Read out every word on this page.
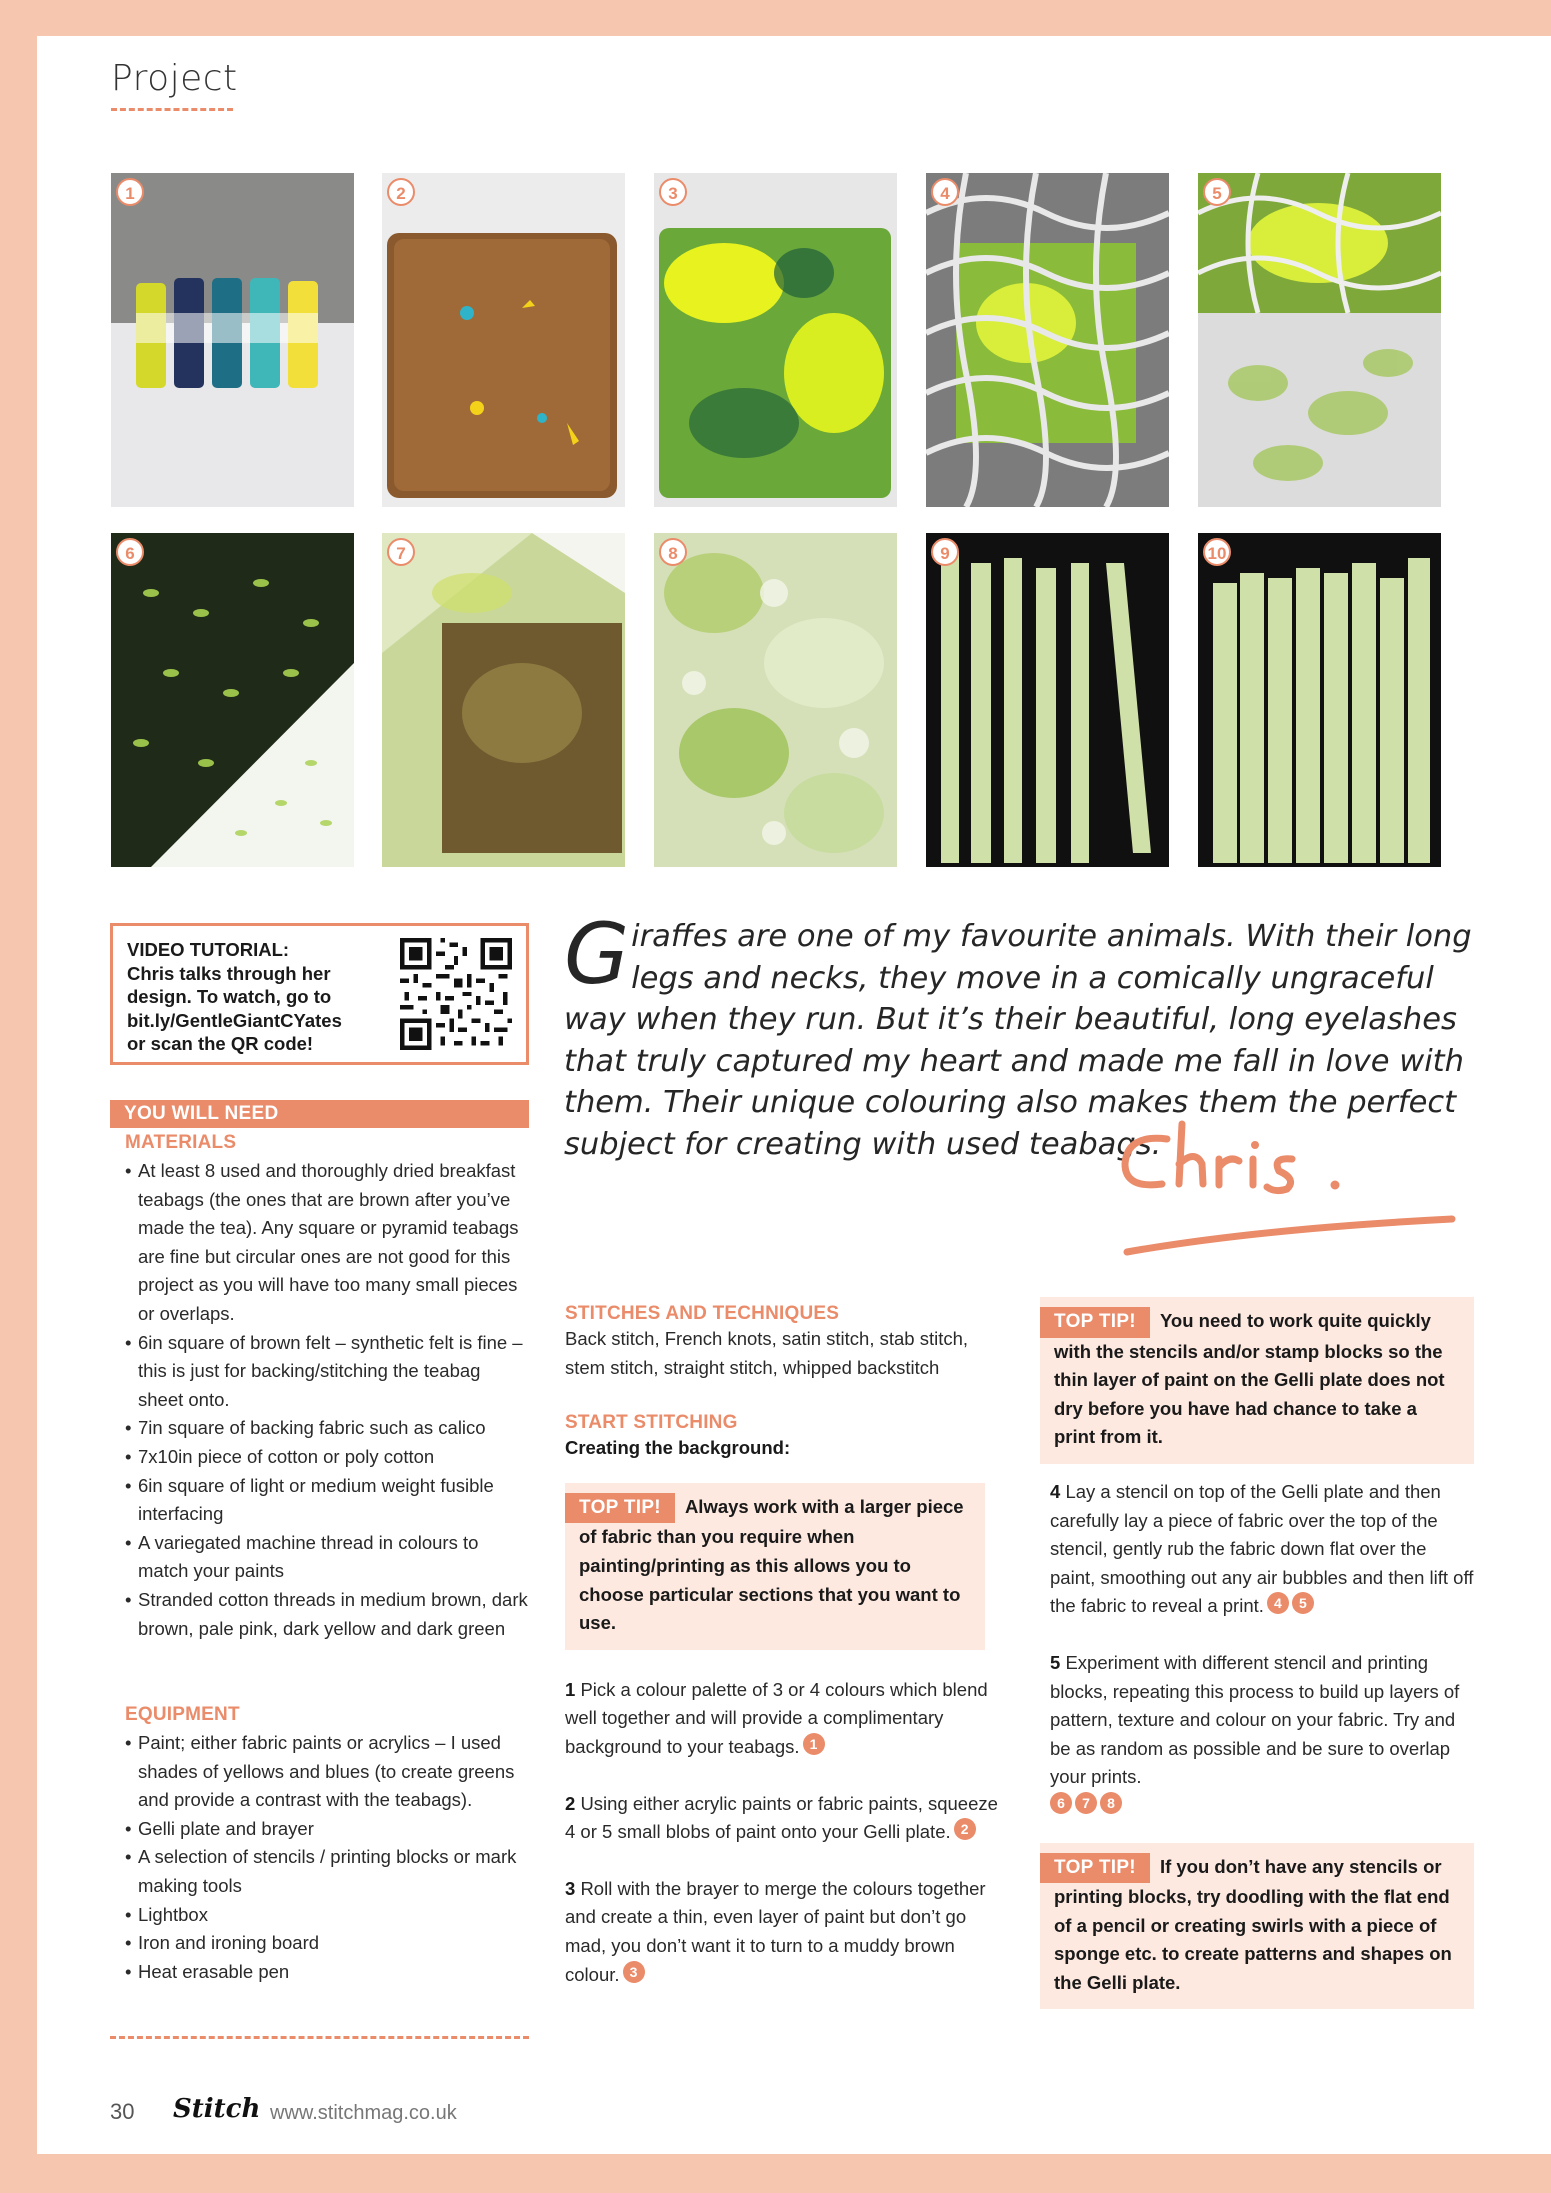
Project
1	2	3	4	5
6	7	8	9	10
VIDEO TUTORIAL:
Chris talks through her
design. To watch, go to
bit.ly/GentleGiantCYates
or scan the QR code!
YOU WILL NEED
MATERIALS
• At least 8 used and thoroughly dried breakfast teabags (the ones that are brown after you’ve made the tea). Any square or pyramid teabags are fine but circular ones are not good for this project as you will have too many small pieces or overlaps.
• 6in square of brown felt – synthetic felt is fine – this is just for backing/stitching the teabag sheet onto.
• 7in square of backing fabric such as calico
• 7x10in piece of cotton or poly cotton
• 6in square of light or medium weight fusible interfacing
• A variegated machine thread in colours to match your paints
• Stranded cotton threads in medium brown, dark brown, pale pink, dark yellow and dark green
EQUIPMENT
• Paint; either fabric paints or acrylics – I used shades of yellows and blues (to create greens and provide a contrast with the teabags).
• Gelli plate and brayer
• A selection of stencils / printing blocks or mark making tools
• Lightbox
• Iron and ironing board
• Heat erasable pen
Giraffes are one of my favourite animals. With their long legs and necks, they move in a comically ungraceful way when they run. But it’s their beautiful, long eyelashes that truly captured my heart and made me fall in love with them. Their unique colouring also makes them the perfect subject for creating with used teabags.
STITCHES AND TECHNIQUES
Back stitch, French knots, satin stitch, stab stitch, stem stitch, straight stitch, whipped backstitch
START STITCHING
Creating the background:
TOP TIP! Always work with a larger piece of fabric than you require when painting/printing as this allows you to choose particular sections that you want to use.
1 Pick a colour palette of 3 or 4 colours which blend well together and will provide a complimentary background to your teabags. 1
2 Using either acrylic paints or fabric paints, squeeze 4 or 5 small blobs of paint onto your Gelli plate. 2
3 Roll with the brayer to merge the colours together and create a thin, even layer of paint but don’t go mad, you don’t want it to turn to a muddy brown colour. 3
TOP TIP! You need to work quite quickly with the stencils and/or stamp blocks so the thin layer of paint on the Gelli plate does not dry before you have had chance to take a print from it.
4 Lay a stencil on top of the Gelli plate and then carefully lay a piece of fabric over the top of the stencil, gently rub the fabric down flat over the paint, smoothing out any air bubbles and then lift off the fabric to reveal a print. 4 5
5 Experiment with different stencil and printing blocks, repeating this process to build up layers of pattern, texture and colour on your fabric. Try and be as random as possible and be sure to overlap your prints.
6 7 8
TOP TIP! If you don’t have any stencils or printing blocks, try doodling with the flat end of a pencil or creating swirls with a piece of sponge etc. to create patterns and shapes on the Gelli plate.
30 Stitch www.stitchmag.co.uk
